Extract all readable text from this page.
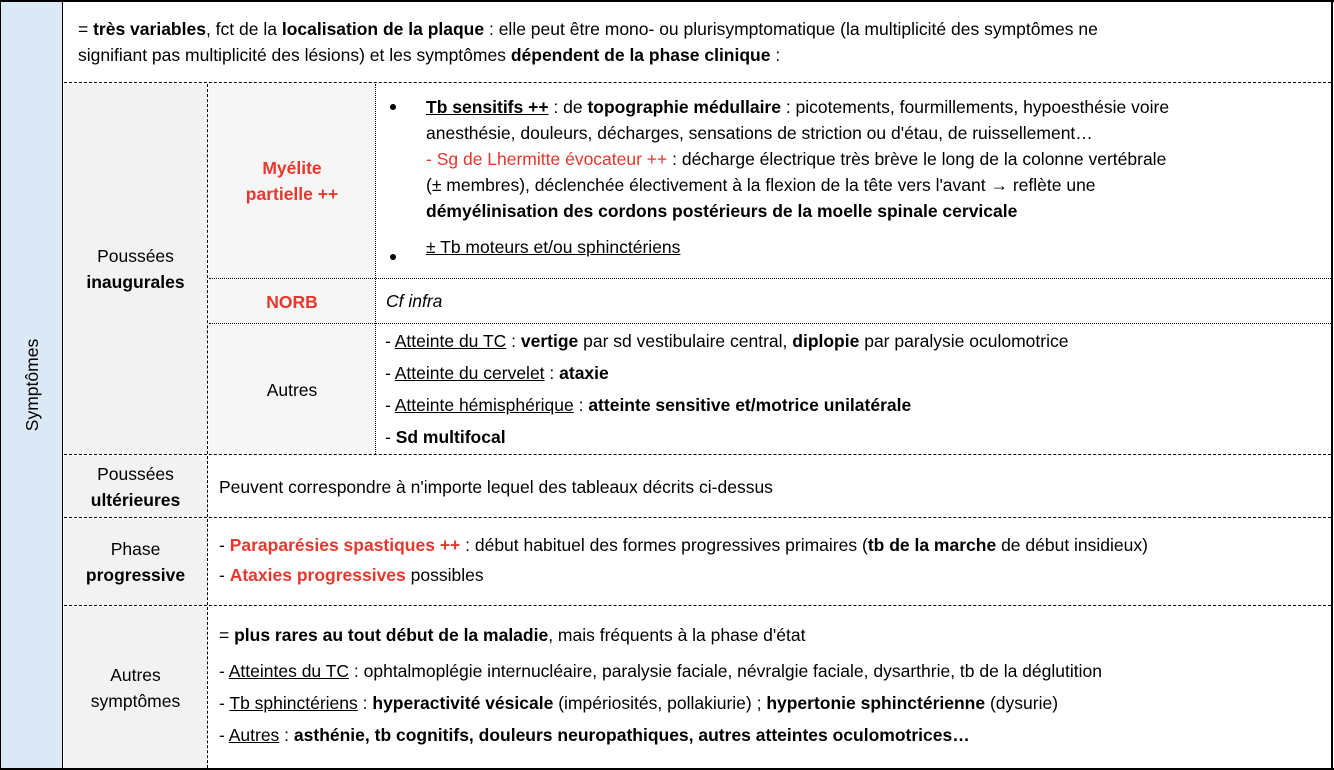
Symptômes

= très variables, fct de la localisation de la plaque : elle peut être mono- ou plurisymptomatique (la multiplicité des symptômes ne

signifiant pas multiplicité des lésions) et les symptômes dépendent de la phase clinique :

Poussées

inaugurales

Myélite

partielle ++

Tb sensitifs ++ : de topographie médullaire : picotements, fourmillements, hypoesthésie voire

anesthésie, douleurs, décharges, sensations de striction ou d'étau, de ruissellement…

- Sg de Lhermitte évocateur ++ : décharge électrique très brève le long de la colonne vertébrale

(± membres), déclenchée électivement à la flexion de la tête vers l'avant → reflète une

démyélinisation des cordons postérieurs de la moelle spinale cervicale

± Tb moteurs et/ou sphinctériens

NORB	Cf infra

Autres

- Atteinte du TC : vertige par sd vestibulaire central, diplopie par paralysie oculomotrice

- Atteinte du cervelet : ataxie

- Atteinte hémisphérique : atteinte sensitive et/motrice unilatérale

- Sd multifocal

Poussées

ultérieures

Peuvent correspondre à n'importe lequel des tableaux décrits ci-dessus

Phase

progressive

- Paraparésies spastiques ++ : début habituel des formes progressives primaires (tb de la marche de début insidieux)

- Ataxies progressives possibles

Autres

symptômes

= plus rares au tout début de la maladie, mais fréquents à la phase d'état

- Atteintes du TC : ophtalmoplégie internucléaire, paralysie faciale, névralgie faciale, dysarthrie, tb de la déglutition

- Tb sphinctériens : hyperactivité vésicale (impériosités, pollakiurie) ; hypertonie sphinctérienne (dysurie)

- Autres : asthénie, tb cognitifs, douleurs neuropathiques, autres atteintes oculomotrices…
